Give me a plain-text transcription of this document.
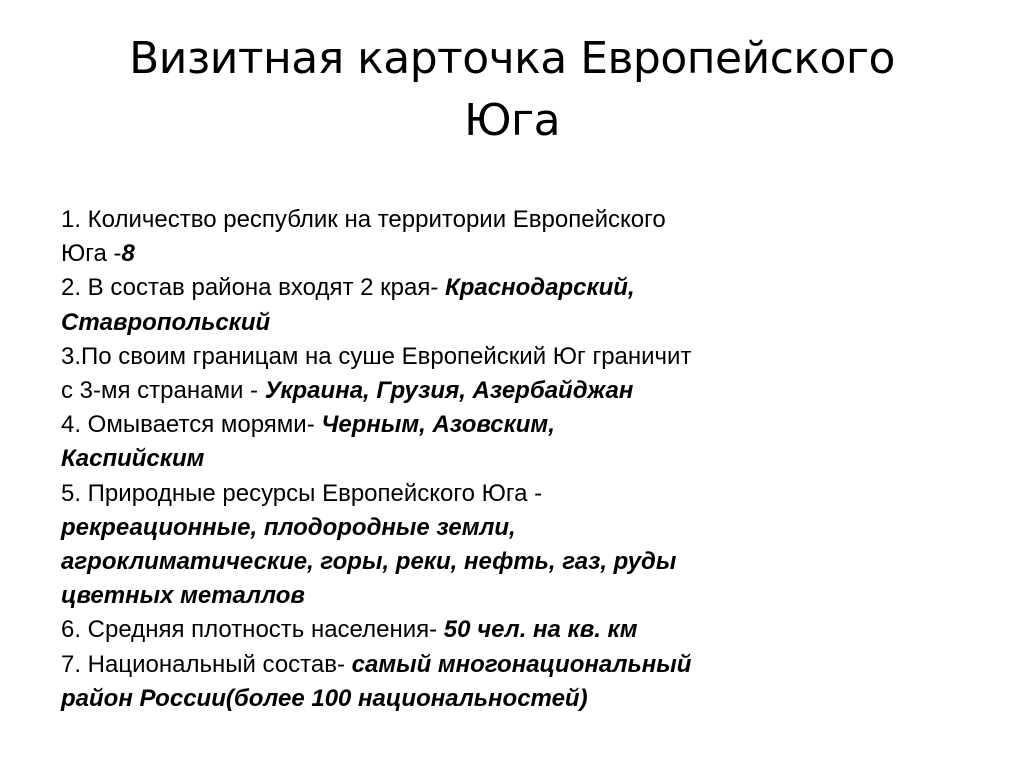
Визитная карточка Европейского
Юга
1. Количество республик на территории Европейского
Юга -8
2. В состав района входят 2 края- Краснодарский,
Ставропольский
3.По своим границам на суше Европейский Юг граничит
с 3-мя странами - Украина, Грузия, Азербайджан
4. Омывается морями- Черным, Азовским,
Каспийским
5. Природные ресурсы Европейского Юга -
рекреационные, плодородные земли,
агроклиматические, горы, реки, нефть, газ, руды
цветных металлов
6. Средняя плотность населения- 50 чел. на кв. км
7. Национальный состав- самый многонациональный
район России(более 100 национальностей)
